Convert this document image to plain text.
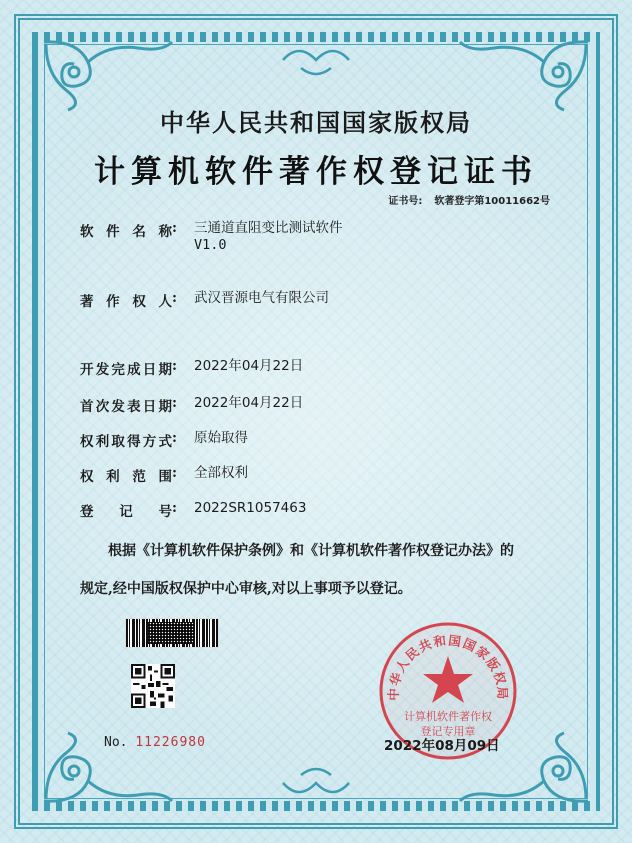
中华人民共和国国家版权局
计算机软件著作权登记证书
证书号: 软著登字第10011662号
软件名称: 三通道直阻变比测试软件
V1.0
著作权人: 武汉晋源电气有限公司
开发完成日期: 2022年04月22日
首次发表日期: 2022年04月22日
权利取得方式: 原始取得
权利范围: 全部权利
登记号: 2022SR1057463
根据《计算机软件保护条例》和《计算机软件著作权登记办法》的
规定,经中国版权保护中心审核,对以上事项予以登记。
No. 11226980
中华人民共和国国家版权局
计算机软件著作权
登记专用章
2022年08月09日
